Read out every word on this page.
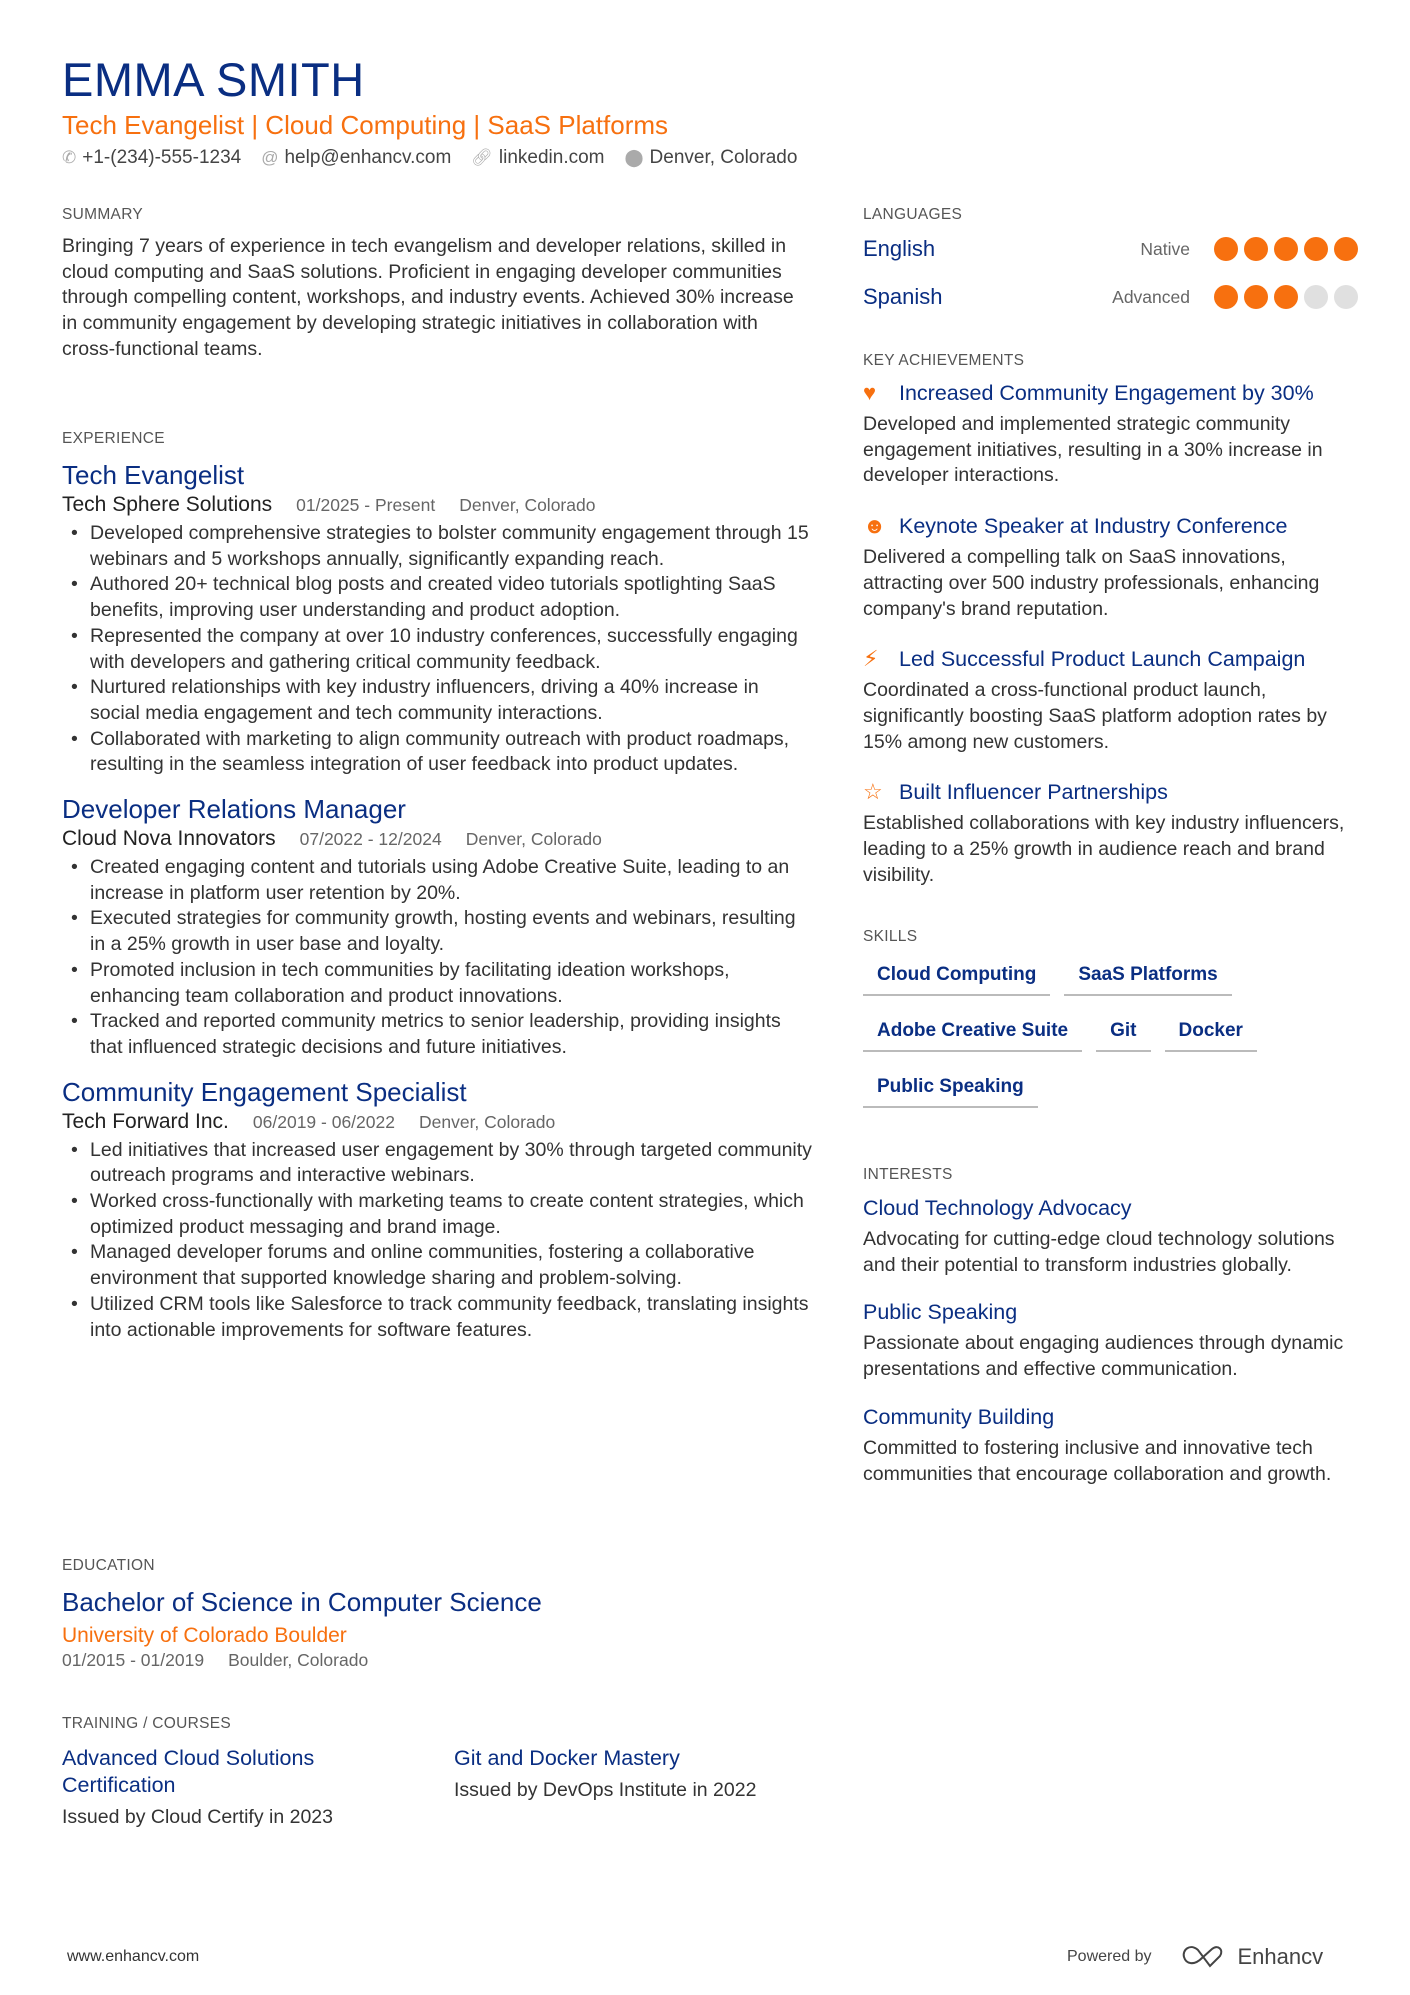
EMMA SMITH
Tech Evangelist | Cloud Computing | SaaS Platforms
✆ +1-(234)-555-1234 @ help@enhancv.com 🔗︎ linkedin.com ⬤ Denver, Colorado
SUMMARY
Bringing 7 years of experience in tech evangelism and developer relations, skilled in cloud computing and SaaS solutions. Proficient in engaging developer communities through compelling content, workshops, and industry events. Achieved 30% increase in community engagement by developing strategic initiatives in collaboration with cross-functional teams.
EXPERIENCE
Tech Evangelist
Tech Sphere Solutions 01/2025 - Present Denver, Colorado
• Developed comprehensive strategies to bolster community engagement through 15 webinars and 5 workshops annually, significantly expanding reach.
• Authored 20+ technical blog posts and created video tutorials spotlighting SaaS benefits, improving user understanding and product adoption.
• Represented the company at over 10 industry conferences, successfully engaging with developers and gathering critical community feedback.
• Nurtured relationships with key industry influencers, driving a 40% increase in social media engagement and tech community interactions.
• Collaborated with marketing to align community outreach with product roadmaps, resulting in the seamless integration of user feedback into product updates.
Developer Relations Manager
Cloud Nova Innovators 07/2022 - 12/2024 Denver, Colorado
• Created engaging content and tutorials using Adobe Creative Suite, leading to an increase in platform user retention by 20%.
• Executed strategies for community growth, hosting events and webinars, resulting in a 25% growth in user base and loyalty.
• Promoted inclusion in tech communities by facilitating ideation workshops, enhancing team collaboration and product innovations.
• Tracked and reported community metrics to senior leadership, providing insights that influenced strategic decisions and future initiatives.
Community Engagement Specialist
Tech Forward Inc. 06/2019 - 06/2022 Denver, Colorado
• Led initiatives that increased user engagement by 30% through targeted community outreach programs and interactive webinars.
• Worked cross-functionally with marketing teams to create content strategies, which optimized product messaging and brand image.
• Managed developer forums and online communities, fostering a collaborative environment that supported knowledge sharing and problem-solving.
• Utilized CRM tools like Salesforce to track community feedback, translating insights into actionable improvements for software features.
EDUCATION
Bachelor of Science in Computer Science
University of Colorado Boulder
01/2015 - 01/2019 Boulder, Colorado
TRAINING / COURSES
Advanced Cloud Solutions Certification
Issued by Cloud Certify in 2023
Git and Docker Mastery
Issued by DevOps Institute in 2022
LANGUAGES
English	Native
Spanish	Advanced
KEY ACHIEVEMENTS
♥	Increased Community Engagement by 30%
Developed and implemented strategic community engagement initiatives, resulting in a 30% increase in developer interactions.
☻ Keynote Speaker at Industry Conference
Delivered a compelling talk on SaaS innovations, attracting over 500 industry professionals, enhancing company's brand reputation.
⚡︎ Led Successful Product Launch Campaign
Coordinated a cross-functional product launch, significantly boosting SaaS platform adoption rates by 15% among new customers.
☆ Built Influencer Partnerships
Established collaborations with key industry influencers, leading to a 25% growth in audience reach and brand visibility.
SKILLS
Cloud Computing SaaS Platforms
Adobe Creative Suite Git Docker
Public Speaking
INTERESTS
Cloud Technology Advocacy
Advocating for cutting-edge cloud technology solutions and their potential to transform industries globally.
Public Speaking
Passionate about engaging audiences through dynamic presentations and effective communication.
Community Building
Committed to fostering inclusive and innovative tech communities that encourage collaboration and growth.
www.enhancv.com	Powered by	Enhancv
